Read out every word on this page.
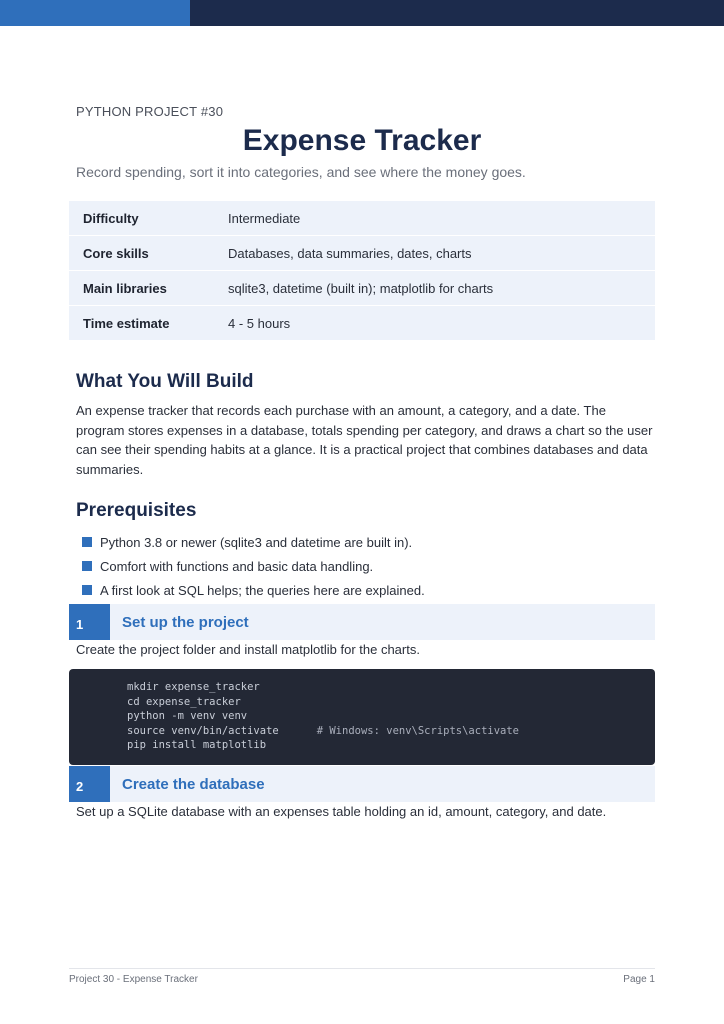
PYTHON PROJECT #30
Expense Tracker
Record spending, sort it into categories, and see where the money goes.
Difficulty	Intermediate
Core skills	Databases, data summaries, dates, charts
Main libraries	sqlite3, datetime (built in); matplotlib for charts
Time estimate	4 - 5 hours
What You Will Build

An expense tracker that records each purchase with an amount, a category, and a date. The program stores expenses in a database, totals spending per category, and draws a chart so the user can see their spending habits at a glance. It is a practical project that combines databases and data summaries.

Prerequisites
Python 3.8 or newer (sqlite3 and datetime are built in).
Comfort with functions and basic data handling.
A first look at SQL helps; the queries here are explained.
1	Set up the project

Create the project folder and install matplotlib for the charts.

mkdir expense_tracker
cd expense_tracker
python -m venv venv
source venv/bin/activate	# Windows: venv\Scripts\activate
pip install matplotlib
2	Create the database

Set up a SQLite database with an expenses table holding an id, amount, category, and date.

Project 30 - Expense Tracker	Page 1
